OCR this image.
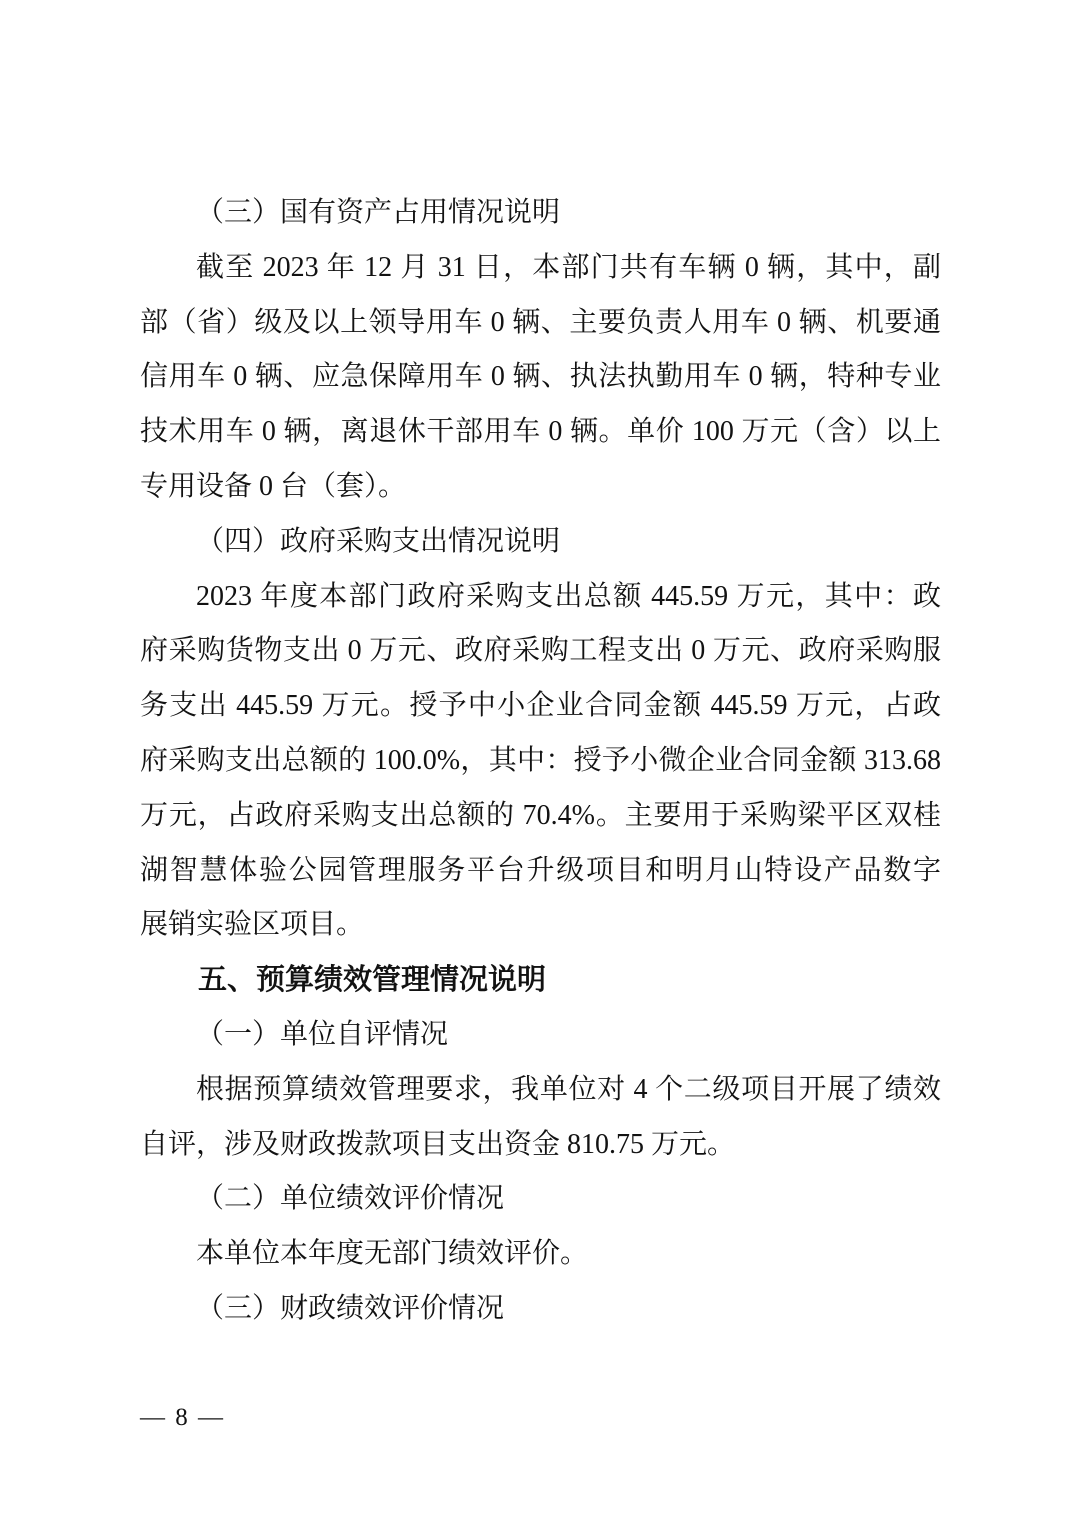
（三）国有资产占用情况说明
截至 2023 年 12 月 31 日，本部门共有车辆 0 辆，其中，副
部（省）级及以上领导用车 0 辆、主要负责人用车 0 辆、机要通
信用车 0 辆、应急保障用车 0 辆、执法执勤用车 0 辆，特种专业
技术用车 0 辆，离退休干部用车 0 辆。单价 100 万元（含）以上
专用设备 0 台（套）。
（四）政府采购支出情况说明
2023 年度本部门政府采购支出总额 445.59 万元，其中：政
府采购货物支出 0 万元、政府采购工程支出 0 万元、政府采购服
务支出 445.59 万元。授予中小企业合同金额 445.59 万元，占政
府采购支出总额的 100.0%，其中：授予小微企业合同金额 313.68
万元，占政府采购支出总额的 70.4%。主要用于采购梁平区双桂
湖智慧体验公园管理服务平台升级项目和明月山特设产品数字
展销实验区项目。
五、预算绩效管理情况说明
（一）单位自评情况
根据预算绩效管理要求，我单位对 4 个二级项目开展了绩效
自评，涉及财政拨款项目支出资金 810.75 万元。
（二）单位绩效评价情况
本单位本年度无部门绩效评价。
（三）财政绩效评价情况
— 8 —
